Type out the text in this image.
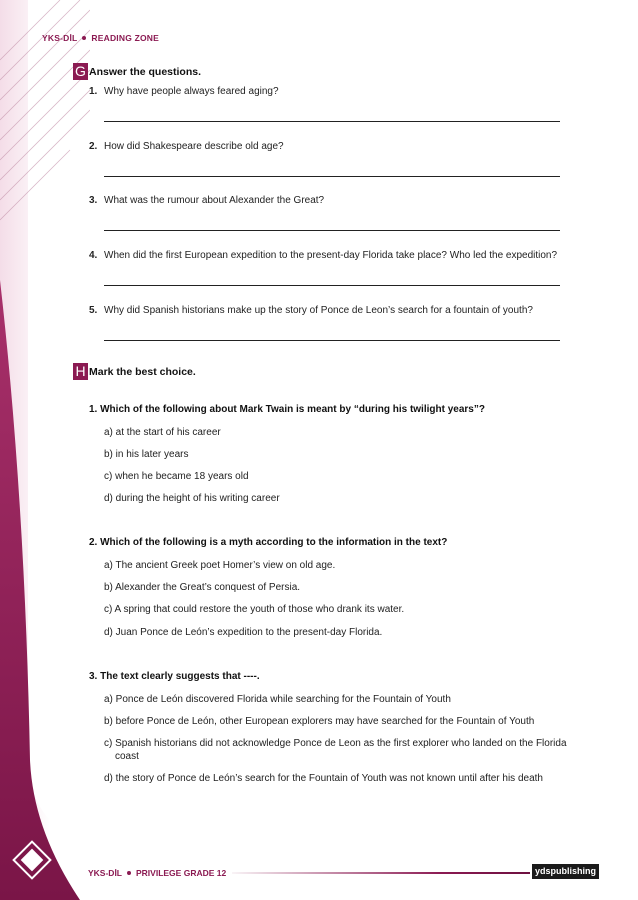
YKS-DİL READING ZONE
G Answer the questions.
1. Why have people always feared aging?
2. How did Shakespeare describe old age?
3. What was the rumour about Alexander the Great?
4. When did the first European expedition to the present-day Florida take place? Who led the expedition?
5. Why did Spanish historians make up the story of Ponce de Leon’s search for a fountain of youth?
H Mark the best choice.
1. Which of the following about Mark Twain is meant by “during his twilight years”?
a) at the start of his career
b) in his later years
c) when he became 18 years old
d) during the height of his writing career
2. Which of the following is a myth according to the information in the text?
a) The ancient Greek poet Homer’s view on old age.
b) Alexander the Great’s conquest of Persia.
c) A spring that could restore the youth of those who drank its water.
d) Juan Ponce de León’s expedition to the present-day Florida.
3. The text clearly suggests that ----.
a) Ponce de León discovered Florida while searching for the Fountain of Youth
b) before Ponce de León, other European explorers may have searched for the Fountain of Youth
c) Spanish historians did not acknowledge Ponce de Leon as the first explorer who landed on the Florida
coast
d) the story of Ponce de León’s search for the Fountain of Youth was not known until after his death
YKS-DİL PRIVILEGE GRADE 12	ydspublishing
